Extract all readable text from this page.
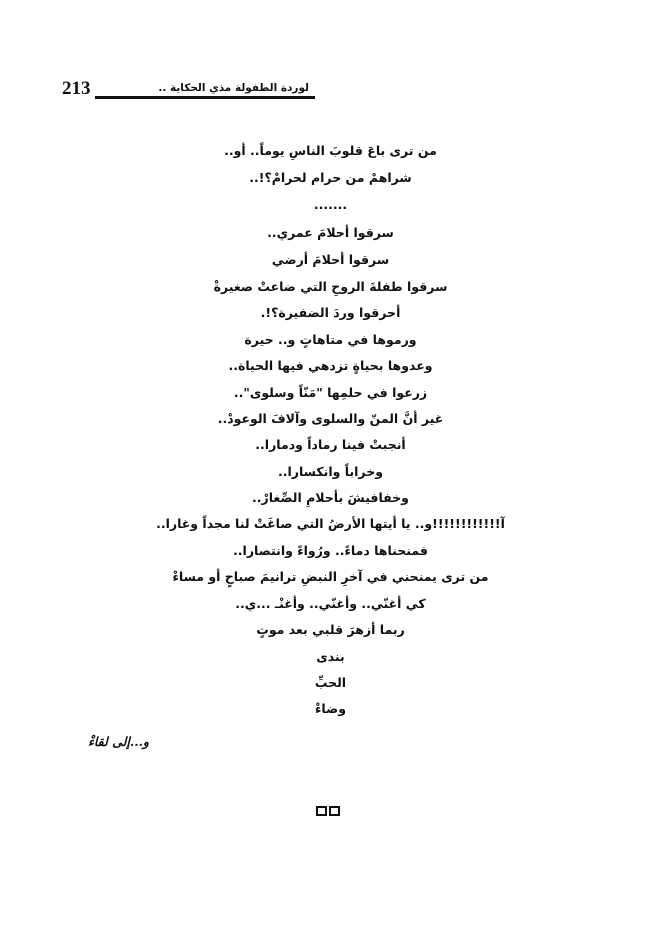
213	لوردة الطفولة مذي الحكاية ..
من ترى باعَ قلوبَ الناسِ يوماً.. أو..
شراهمْ من حرام لحرامْ؟!..
.......
سرقوا أحلامَ عمري..
سرقوا أحلامَ أرضي
سرقوا طفلةَ الروحِ التي ضاعتْ صغيرةْ
أحرقوا وردَ الضفيرة؟!.
ورموها في متاهاتٍ و.. حيرة
وعدوها بحياةٍ تزدهي فيها الحياة..
زرعوا في حلمِها "مَنّاً وسلوى"..
غير أنَّ المنّ والسلوى وآلافَ الوعودْ..
أنجبتْ فينا رماداً ودمارا..
وخراباً وانكسارا..
وخفافيشَ بأحلامِ الصِّغارْ..
آ!!!!!!!!!!!!و.. يا أيتها الأرضُ التي صاغَتْ لنا مجداً وغارا..
فمنحناها دماءً.. ورُواءً وانتصارا..
من ترى يمنحني في آخرِ النبضِ ترانيمَ صباحٍ أو مساءْ
كي أغنّي.. وأغنّي.. وأغنْـ ...ي..
ربما أزهرَ قلبي بعد موتٍ
بندى
الحبِّ
وضاءْ
و...إلى لقاءْ
